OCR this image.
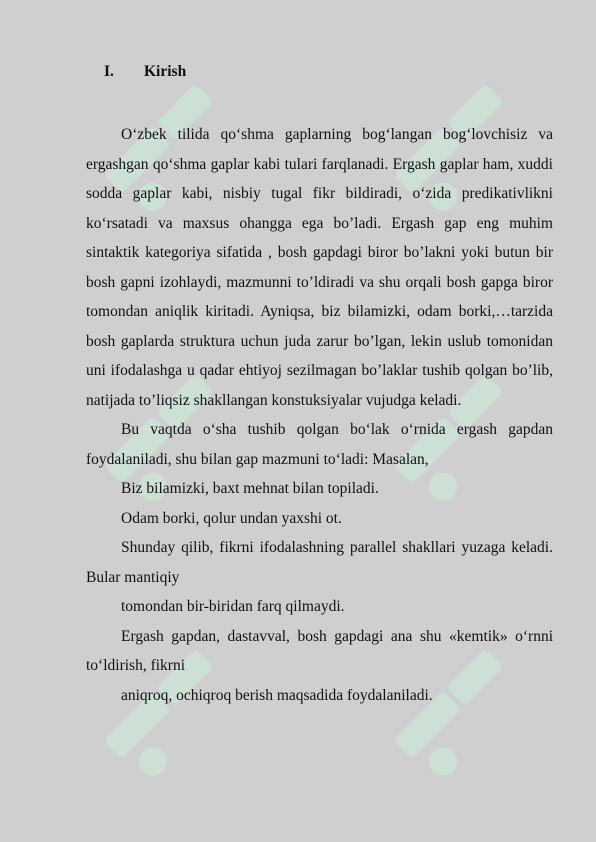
I.	Kirish

O‘zbek tilida qo‘shma gaplarning bog‘langan bog‘lovchisiz va ergashgan qo‘shma gaplar kabi tulari farqlanadi. Ergash gaplar ham, xuddi sodda gaplar kabi, nisbiy tugal fikr bildiradi, o‘zida predikativlikni ko‘rsatadi va maxsus ohangga ega bo’ladi. Ergash gap eng muhim sintaktik kategoriya sifatida , bosh gapdagi biror bo’lakni yoki butun bir bosh gapni izohlaydi, mazmunni to’ldiradi va shu orqali bosh gapga biror tomondan aniqlik kiritadi. Ayniqsa, biz bilamizki, odam borki,…tarzida bosh gaplarda struktura uchun juda zarur bo’lgan, lekin uslub tomonidan uni ifodalashga u qadar ehtiyoj sezilmagan bo’laklar tushib qolgan bo’lib, natijada to’liqsiz shakllangan konstuksiyalar vujudga keladi.

Bu vaqtda o‘sha tushib qolgan bo‘lak o‘rnida ergash gapdan foydalaniladi, shu bilan gap mazmuni to‘ladi: Masalan,

Biz bilamizki, baxt mehnat bilan topiladi.

Odam borki, qolur undan yaxshi ot.

Shunday qilib, fikrni ifodalashning parallel shakllari yuzaga keladi. Bular mantiqiy

tomondan bir-biridan farq qilmaydi.

Ergash gapdan, dastavval, bosh gapdagi ana shu «kemtik» o‘rnni to‘ldirish, fikrni

aniqroq, ochiqroq berish maqsadida foydalaniladi.
